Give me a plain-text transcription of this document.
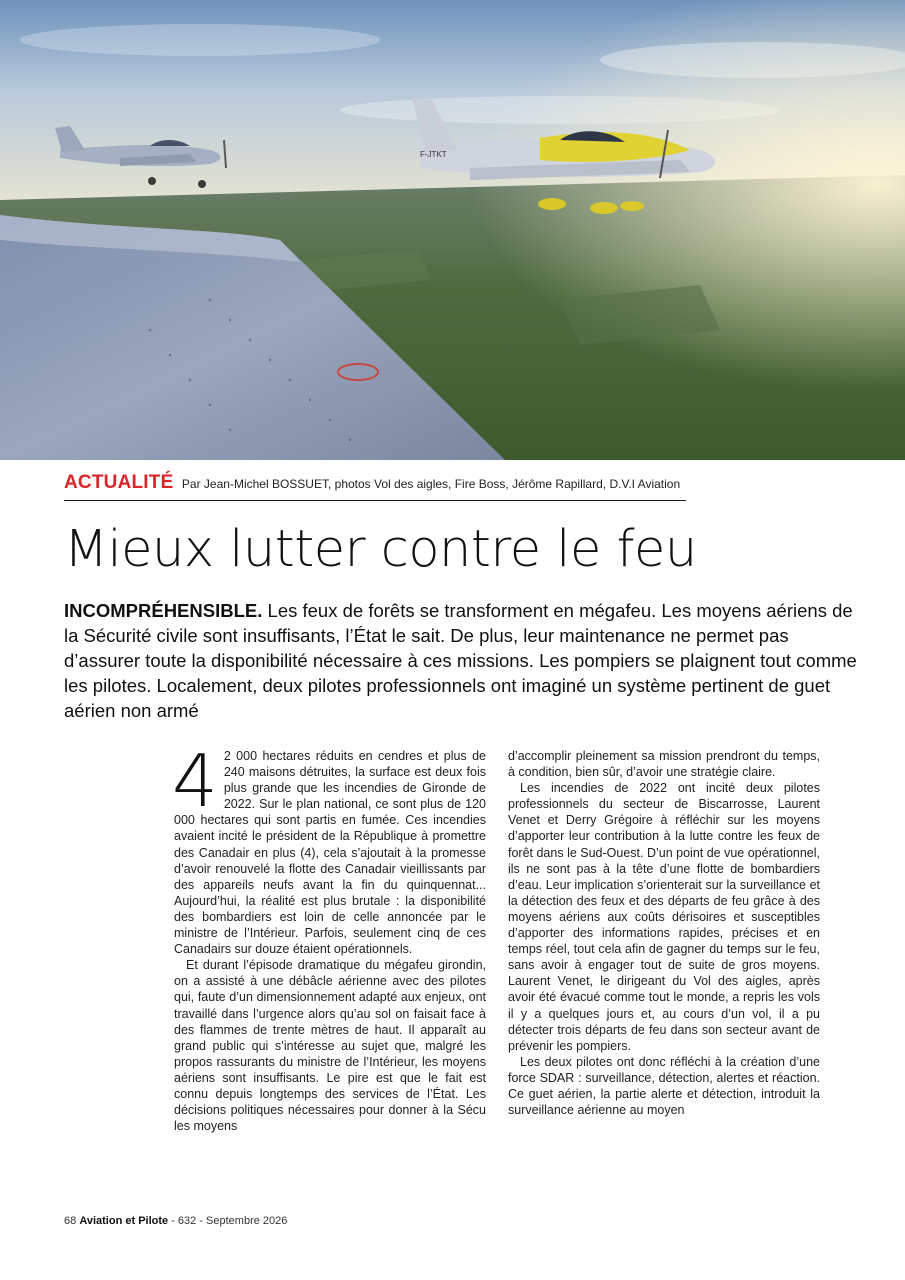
F-JTKT
ACTUALITÉ Par Jean-Michel BOSSUET, photos Vol des aigles, Fire Boss, Jérôme Rapillard, D.V.I Aviation
Mieux lutter contre le feu

INCOMPRÉHENSIBLE. Les feux de forêts se transforment en mégafeu. Les moyens aériens de la Sécurité civile sont insuffisants, l’État le sait. De plus, leur maintenance ne permet pas d’assurer toute la disponibilité nécessaire à ces missions. Les pompiers se plaignent tout comme les pilotes. Localement, deux pilotes professionnels ont imaginé un système pertinent de guet aérien non armé

4 2 000 hectares réduits en cendres et plus de 240 maisons détruites, la surface est deux fois plus grande que les incendies de Gironde de 2022. Sur le plan national, ce sont plus de 120 000 hectares qui sont partis en fumée. Ces incendies avaient incité le président de la République à promettre des Canadair en plus (4), cela s’ajoutait à la promesse d’avoir renouvelé la flotte des Canadair vieillissants par des appareils neufs avant la fin du quinquennat... Aujourd’hui, la réalité est plus brutale : la disponibilité des bombardiers est loin de celle annoncée par le ministre de l’Intérieur. Parfois, seulement cinq de ces Canadairs sur douze étaient opérationnels.

Et durant l’épisode dramatique du mégafeu girondin, on a assisté à une débâcle aérienne avec des pilotes qui, faute d’un dimensionnement adapté aux enjeux, ont travaillé dans l’urgence alors qu’au sol on faisait face à des flammes de trente mètres de haut. Il apparaît au grand public qui s’intéresse au sujet que, malgré les propos rassurants du ministre de l’Intérieur, les moyens aériens sont insuffisants. Le pire est que le fait est connu depuis longtemps des services de l’État. Les décisions politiques nécessaires pour donner à la Sécu les moyens

d’accomplir pleinement sa mission prendront du temps, à condition, bien sûr, d’avoir une stratégie claire.

Les incendies de 2022 ont incité deux pilotes professionnels du secteur de Biscarrosse, Laurent Venet et Derry Grégoire à réfléchir sur les moyens d’apporter leur contribution à la lutte contre les feux de forêt dans le Sud-Ouest. D’un point de vue opérationnel, ils ne sont pas à la tête d’une flotte de bombardiers d’eau. Leur implication s’orienterait sur la surveillance et la détection des feux et des départs de feu grâce à des moyens aériens aux coûts dérisoires et susceptibles d’apporter des informations rapides, précises et en temps réel, tout cela afin de gagner du temps sur le feu, sans avoir à engager tout de suite de gros moyens. Laurent Venet, le dirigeant du Vol des aigles, après avoir été évacué comme tout le monde, a repris les vols il y a quelques jours et, au cours d’un vol, il a pu détecter trois départs de feu dans son secteur avant de prévenir les pompiers.

Les deux pilotes ont donc réfléchi à la création d’une force SDAR : surveillance, détection, alertes et réaction. Ce guet aérien, la partie alerte et détection, introduit la surveillance aérienne au moyen

68 Aviation et Pilote - 632 - Septembre 2026
